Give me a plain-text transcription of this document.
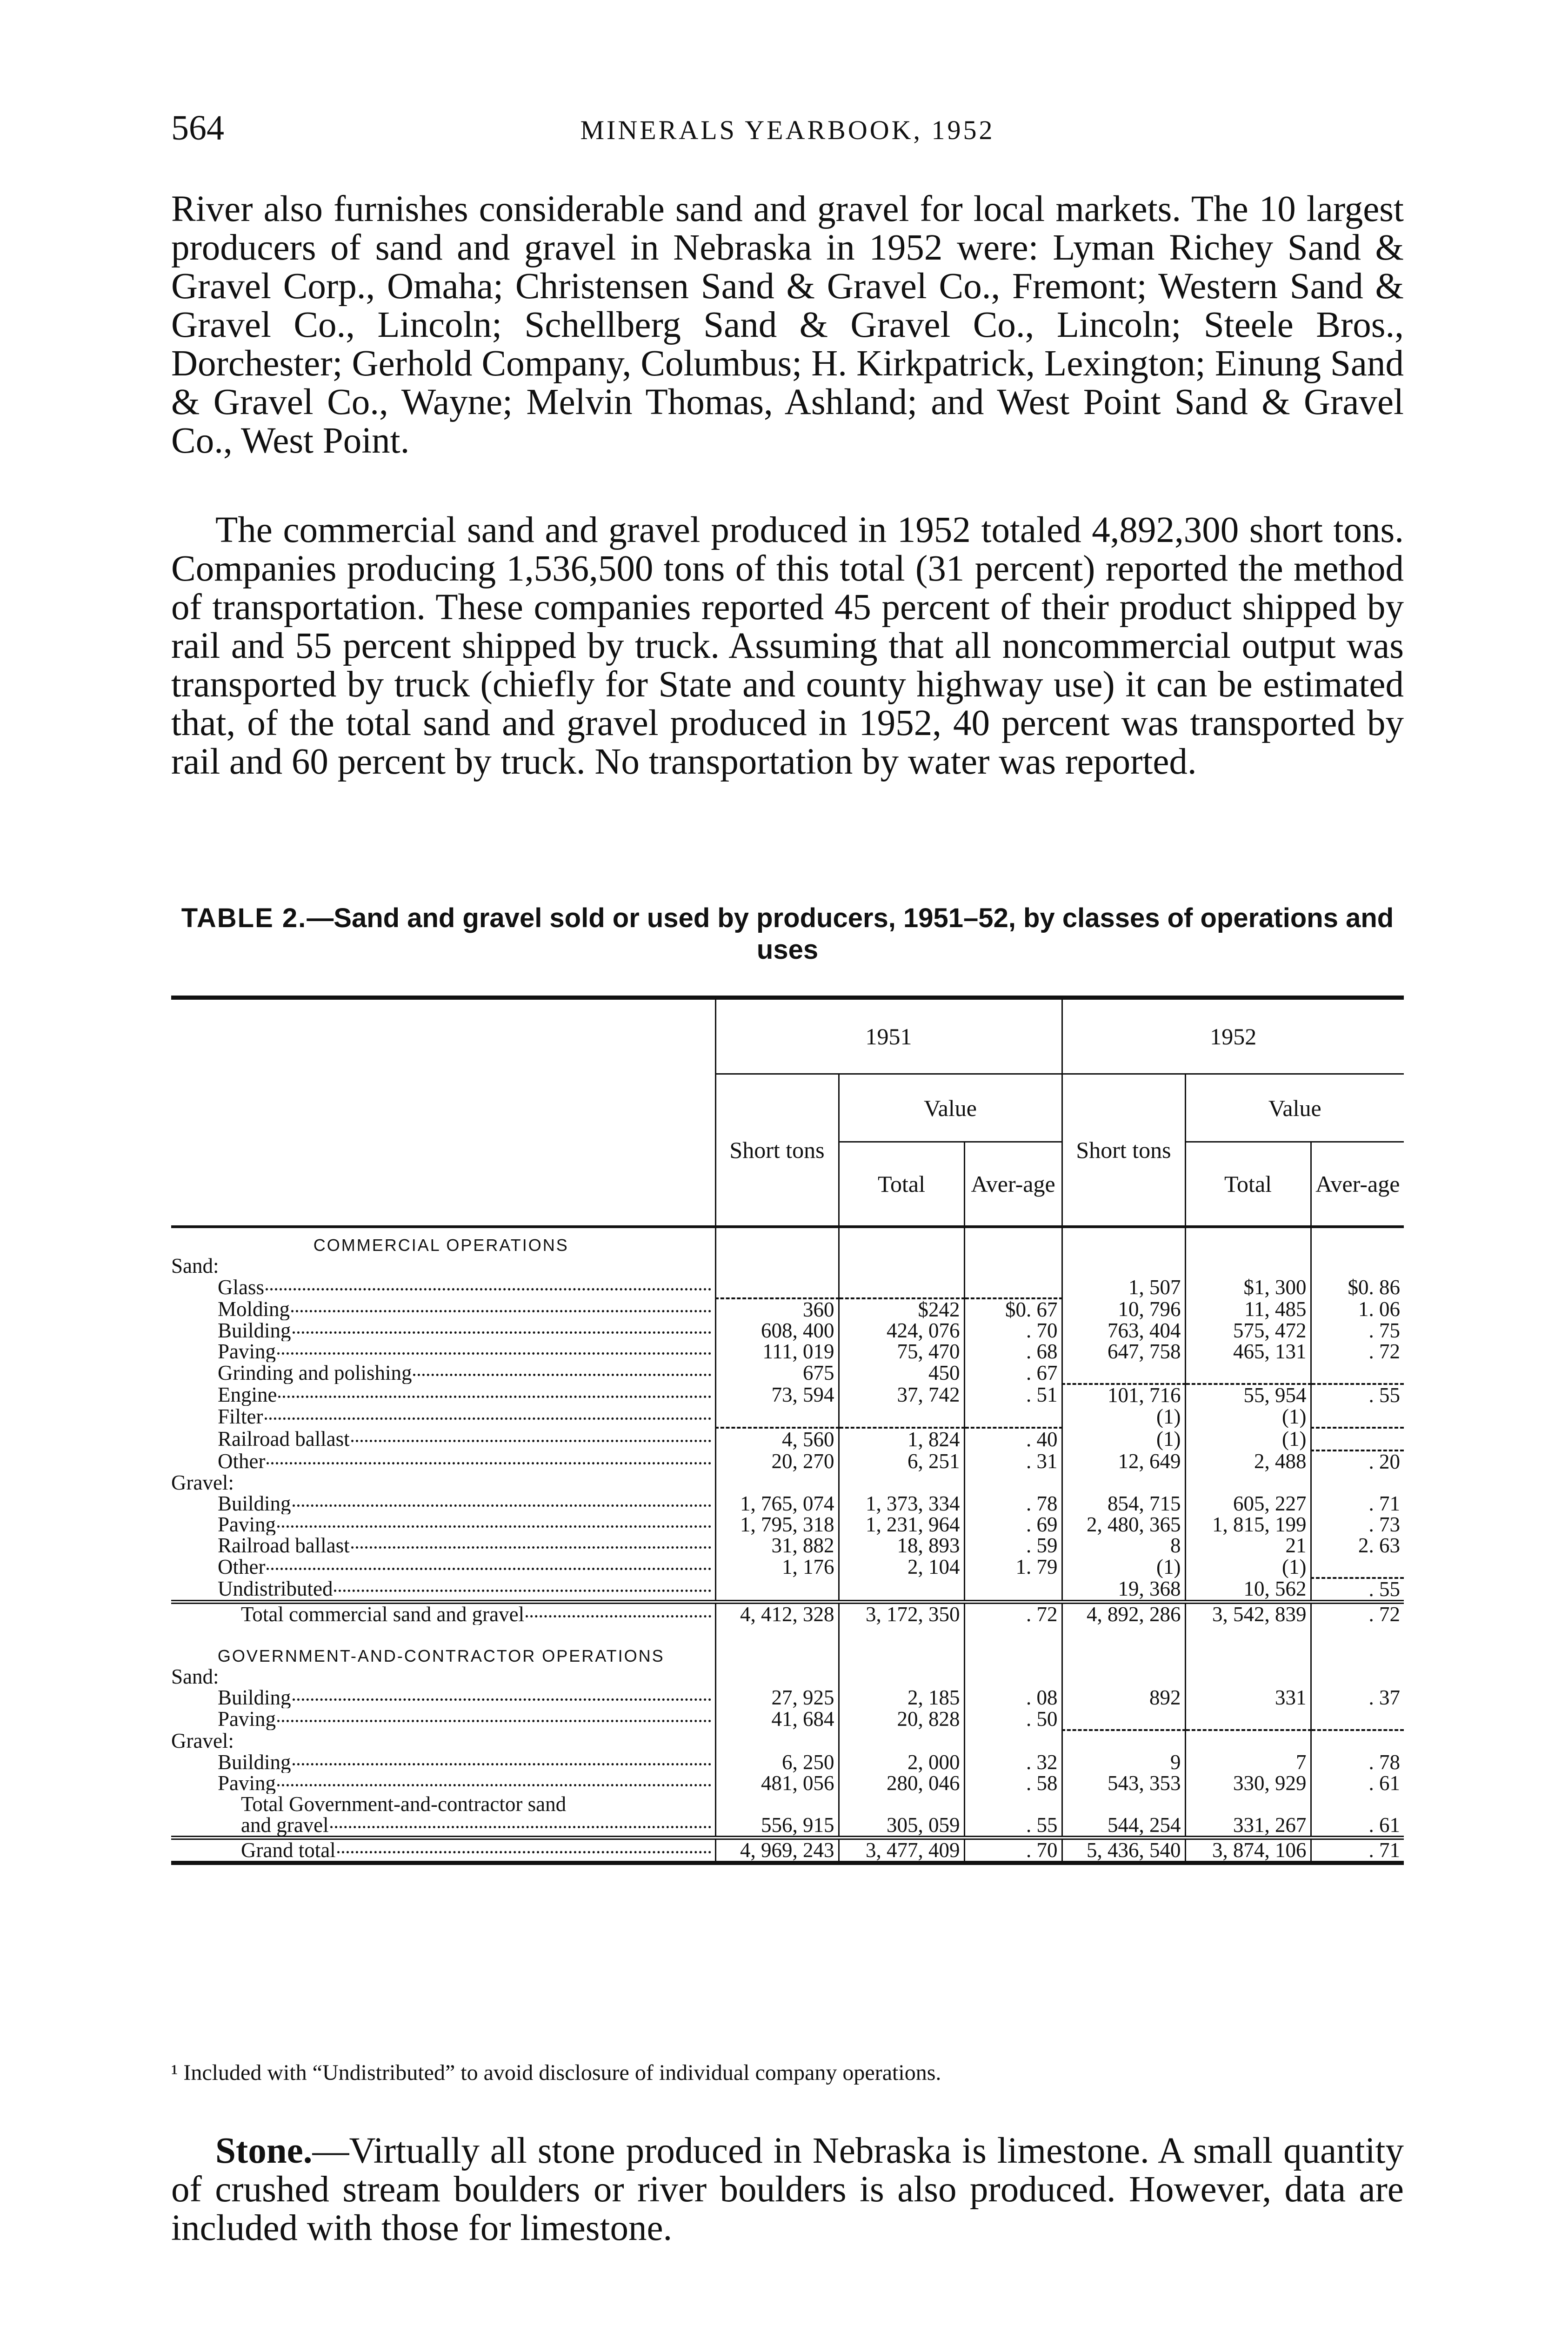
564	MINERALS YEARBOOK, 1952

River also furnishes considerable sand and gravel for local markets. The 10 largest producers of sand and gravel in Nebraska in 1952 were: Lyman Richey Sand & Gravel Corp., Omaha; Christensen Sand & Gravel Co., Fremont; Western Sand & Gravel Co., Lincoln; Schellberg Sand & Gravel Co., Lincoln; Steele Bros., Dorchester; Gerhold Company, Columbus; H. Kirkpatrick, Lexington; Einung Sand & Gravel Co., Wayne; Melvin Thomas, Ashland; and West Point Sand & Gravel Co., West Point.

The commercial sand and gravel produced in 1952 totaled 4,892,300 short tons. Companies producing 1,536,500 tons of this total (31 percent) reported the method of transportation. These companies reported 45 percent of their product shipped by rail and 55 percent shipped by truck. Assuming that all noncommercial output was transported by truck (chiefly for State and county highway use) it can be estimated that, of the total sand and gravel produced in 1952, 40 percent was transported by rail and 60 percent by truck. No transportation by water was reported.

TABLE 2.—Sand and gravel sold or used by producers, 1951–52, by classes of operations and uses
	1951			1952		
	Short tons	Value		Short tons	Value	
		Total	Aver-age		Total	Aver-age
COMMERCIAL OPERATIONS						
Sand:						

Glass				1, 507	$1, 300	$0. 86

Molding	360	$242	$0. 67	10, 796	11, 485	1. 06

Building	608, 400	424, 076	. 70	763, 404	575, 472	. 75

Paving	111, 019	75, 470	. 68	647, 758	465, 131	. 72

Grinding and polishing	675	450	. 67			

Engine	73, 594	37, 742	. 51	101, 716	55, 954	. 55

Filter				(1)	(1)	

Railroad ballast	4, 560	1, 824	. 40	(1)	(1)	

Other	20, 270	6, 251	. 31	12, 649	2, 488	. 20
Gravel:						

Building	1, 765, 074	1, 373, 334	. 78	854, 715	605, 227	. 71

Paving	1, 795, 318	1, 231, 964	. 69	2, 480, 365	1, 815, 199	. 73

Railroad ballast	31, 882	18, 893	. 59	8	21	2. 63

Other	1, 176	2, 104	1. 79	(1)	(1)	

Undistributed				19, 368	10, 562	. 55

Total commercial sand and gravel	4, 412, 328	3, 172, 350	. 72	4, 892, 286	3, 542, 839	. 72

GOVERNMENT-AND-CONTRACTOR OPERATIONS						
Sand:						

Building	27, 925	2, 185	. 08	892	331	. 37

Paving	41, 684	20, 828	. 50			
Gravel:						

Building	6, 250	2, 000	. 32	9	7	. 78

Paving	481, 056	280, 046	. 58	543, 353	330, 929	. 61
Total Government-and-contractor sand						

and gravel	556, 915	305, 059	. 55	544, 254	331, 267	. 61

Grand total	4, 969, 243	3, 477, 409	. 70	5, 436, 540	3, 874, 106	. 71
¹ Included with “Undistributed” to avoid disclosure of individual company operations.

Stone.—Virtually all stone produced in Nebraska is limestone. A small quantity of crushed stream boulders or river boulders is also produced. However, data are included with those for limestone.
